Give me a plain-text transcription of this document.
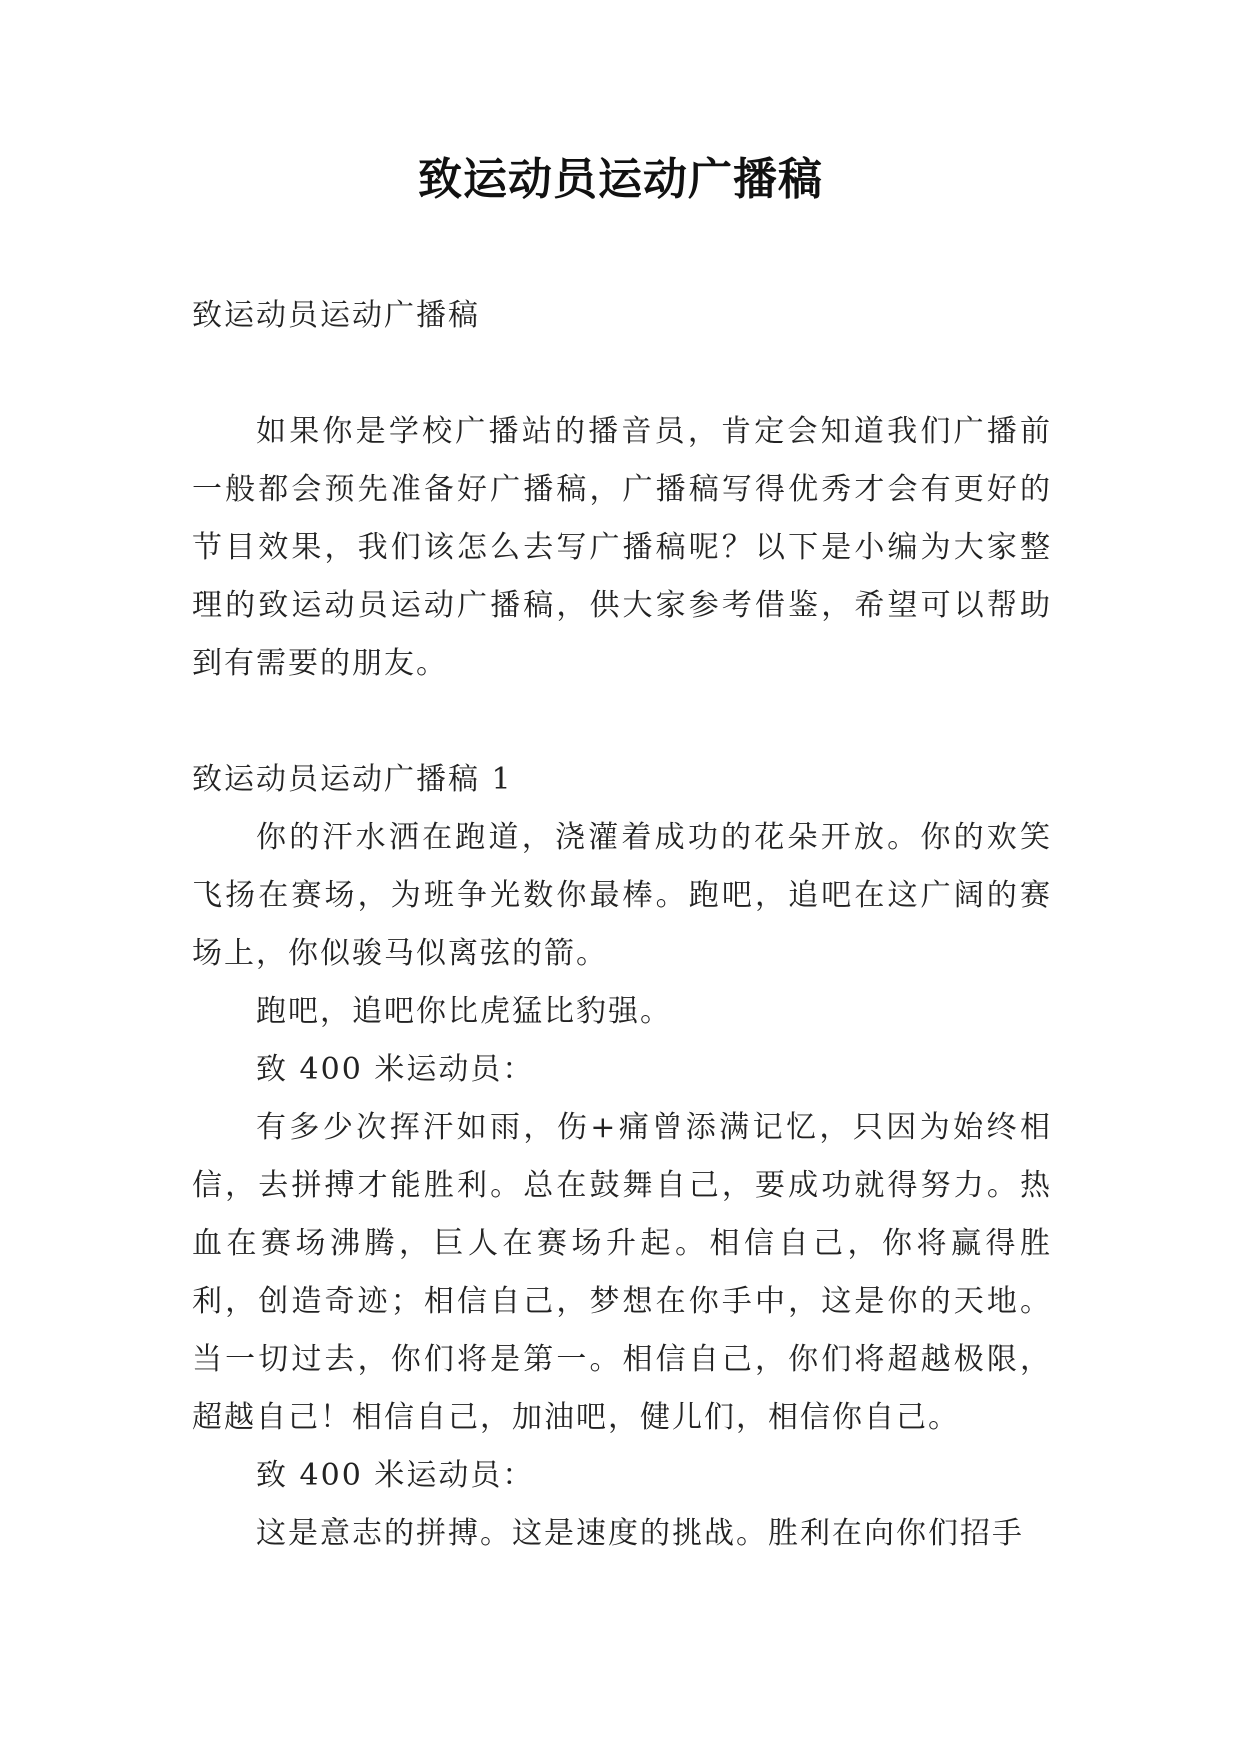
致运动员运动广播稿

致运动员运动广播稿

如果你是学校广播站的播音员，肯定会知道我们广播前一般都会预先准备好广播稿，广播稿写得优秀才会有更好的节目效果，我们该怎么去写广播稿呢？以下是小编为大家整理的致运动员运动广播稿，供大家参考借鉴，希望可以帮助到有需要的朋友。

致运动员运动广播稿 1

你的汗水洒在跑道，浇灌着成功的花朵开放。你的欢笑飞扬在赛场，为班争光数你最棒。跑吧，追吧在这广阔的赛场上，你似骏马似离弦的箭。

跑吧，追吧你比虎猛比豹强。

致 400 米运动员：

有多少次挥汗如雨，伤+痛曾添满记忆，只因为始终相信，去拼搏才能胜利。总在鼓舞自己，要成功就得努力。热血在赛场沸腾，巨人在赛场升起。相信自己，你将赢得胜利，创造奇迹；相信自己，梦想在你手中，这是你的天地。当一切过去，你们将是第一。相信自己，你们将超越极限，超越自己！相信自己，加油吧，健儿们，相信你自己。

致 400 米运动员：

这是意志的拼搏。这是速度的挑战。胜利在向你们招手
